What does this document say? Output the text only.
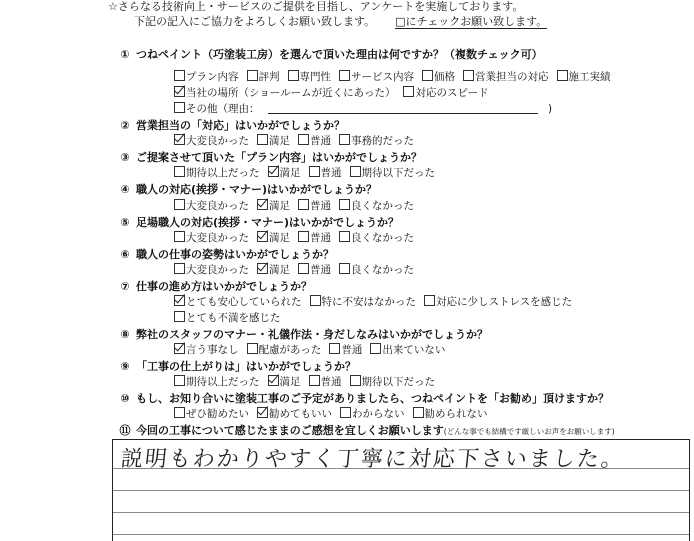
☆さらなる技術向上・サービスのご提供を目指し、アンケートを実施しております。
下記の記入にご協力をよろしくお願い致します。 □にチェックお願い致します。
① つねペイント（巧塗装工房）を選んで頂いた理由は何ですか？（複数チェック可）
プラン内容 評判 専門性 サービス内容 価格 営業担当の対応 施工実績
当社の場所（ショールームが近くにあった） 対応のスピード
その他（理由：	　)
② 営業担当の「対応」はいかがでしょうか？
大変良かった 満足 普通 事務的だった
③ ご提案させて頂いた「プラン内容」はいかがでしょうか？
期待以上だった 満足 普通 期待以下だった
④ 職人の対応(挨拶・マナー)はいかがでしょうか？
大変良かった 満足 普通 良くなかった
⑤ 足場職人の対応(挨拶・マナー)はいかがでしょうか？
大変良かった 満足 普通 良くなかった
⑥ 職人の仕事の姿勢はいかがでしょうか？
大変良かった 満足 普通 良くなかった
⑦ 仕事の進め方はいかがでしょうか？
とても安心していられた 特に不安はなかった 対応に少しストレスを感じた
とても不満を感じた
⑧ 弊社のスタッフのマナー・礼儀作法・身だしなみはいかがでしょうか？
言う事なし 配慮があった 普通 出来ていない
⑨ 「工事の仕上がりは」はいかがでしょうか？
期待以上だった 満足 普通 期待以下だった
⑩ もし、お知り合いに塗装工事のご予定がありましたら、つねペイントを「お勧め」頂けますか？
ぜひ勧めたい 勧めてもいい わからない 勧められない
⑪ 今回の工事について感じたままのご感想を宜しくお願いします(どんな事でも結構です厳しいお声をお願いします)
説明もわかりやすく丁寧に対応下さいました。
